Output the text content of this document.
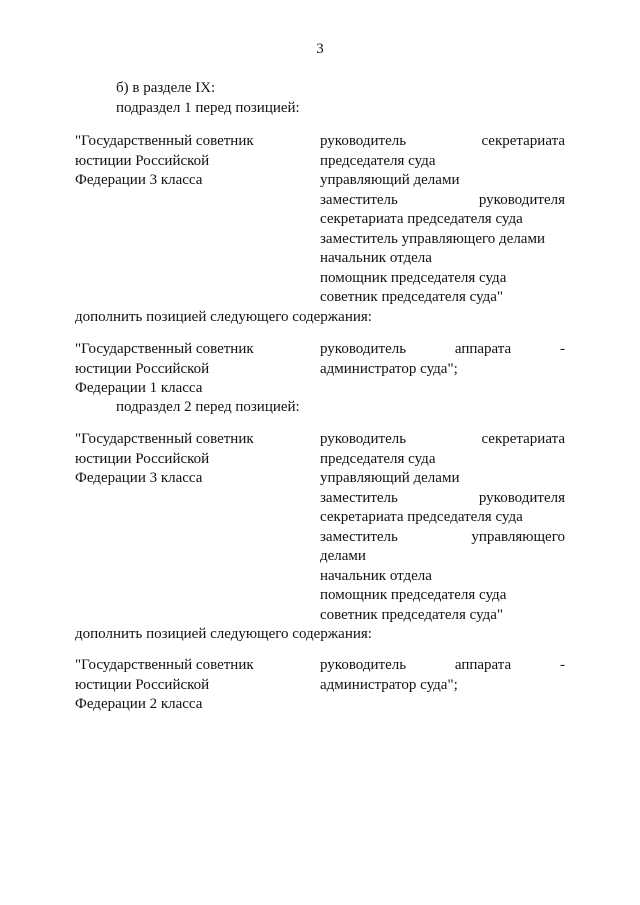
3
б) в разделе IX:
подраздел 1 перед позицией:
"Государственный советник
юстиции Российской
Федерации 3 класса
руководитель	секретариата
председателя суда
управляющий делами
заместитель	руководителя
секретариата председателя суда
заместитель управляющего делами
начальник отдела
помощник председателя суда
советник председателя суда"
дополнить позицией следующего содержания:
"Государственный советник
юстиции Российской
Федерации 1 класса
руководитель	аппарата	-
администратор суда";
подраздел 2 перед позицией:
"Государственный советник
юстиции Российской
Федерации 3 класса
руководитель	секретариата
председателя суда
управляющий делами
заместитель	руководителя
секретариата председателя суда
заместитель	управляющего
делами
начальник отдела
помощник председателя суда
советник председателя суда"
дополнить позицией следующего содержания:
"Государственный советник
юстиции Российской
Федерации 2 класса
руководитель	аппарата	-
администратор суда";
